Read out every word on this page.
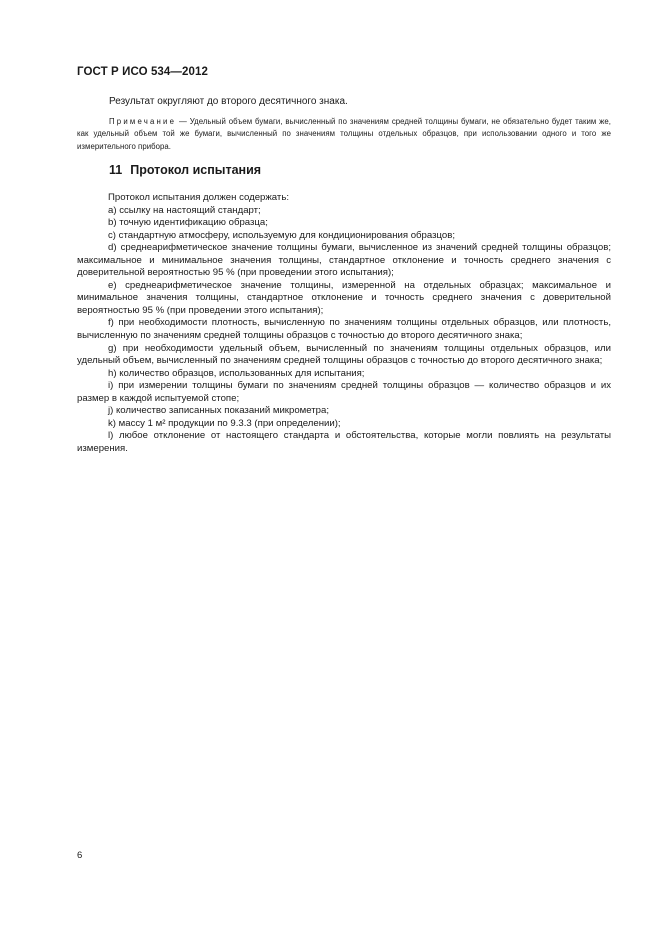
ГОСТ Р ИСО 534—2012
Результат округляют до второго десятичного знака.
Примечание — Удельный объем бумаги, вычисленный по значениям средней толщины бумаги, не обязательно будет таким же, как удельный объем той же бумаги, вычисленный по значениям толщины отдельных образцов, при использовании одного и того же измерительного прибора.
11 Протокол испытания

Протокол испытания должен содержать:

a) ссылку на настоящий стандарт;

b) точную идентификацию образца;

c) стандартную атмосферу, используемую для кондиционирования образцов;

d) среднеарифметическое значение толщины бумаги, вычисленное из значений средней толщины образцов; максимальное и минимальное значения толщины, стандартное отклонение и точность среднего значения с доверительной вероятностью 95 % (при проведении этого испытания);

e) среднеарифметическое значение толщины, измеренной на отдельных образцах; максимальное и минимальное значения толщины, стандартное отклонение и точность среднего значения с доверительной вероятностью 95 % (при проведении этого испытания);

f) при необходимости плотность, вычисленную по значениям толщины отдельных образцов, или плотность, вычисленную по значениям средней толщины образцов с точностью до второго десятичного знака;

g) при необходимости удельный объем, вычисленный по значениям толщины отдельных образцов, или удельный объем, вычисленный по значениям средней толщины образцов с точностью до второго десятичного знака;

h) количество образцов, использованных для испытания;

i) при измерении толщины бумаги по значениям средней толщины образцов — количество образцов и их размер в каждой испытуемой стопе;

j) количество записанных показаний микрометра;

k) массу 1 м² продукции по 9.3.3 (при определении);

l) любое отклонение от настоящего стандарта и обстоятельства, которые могли повлиять на результаты измерения.

6
